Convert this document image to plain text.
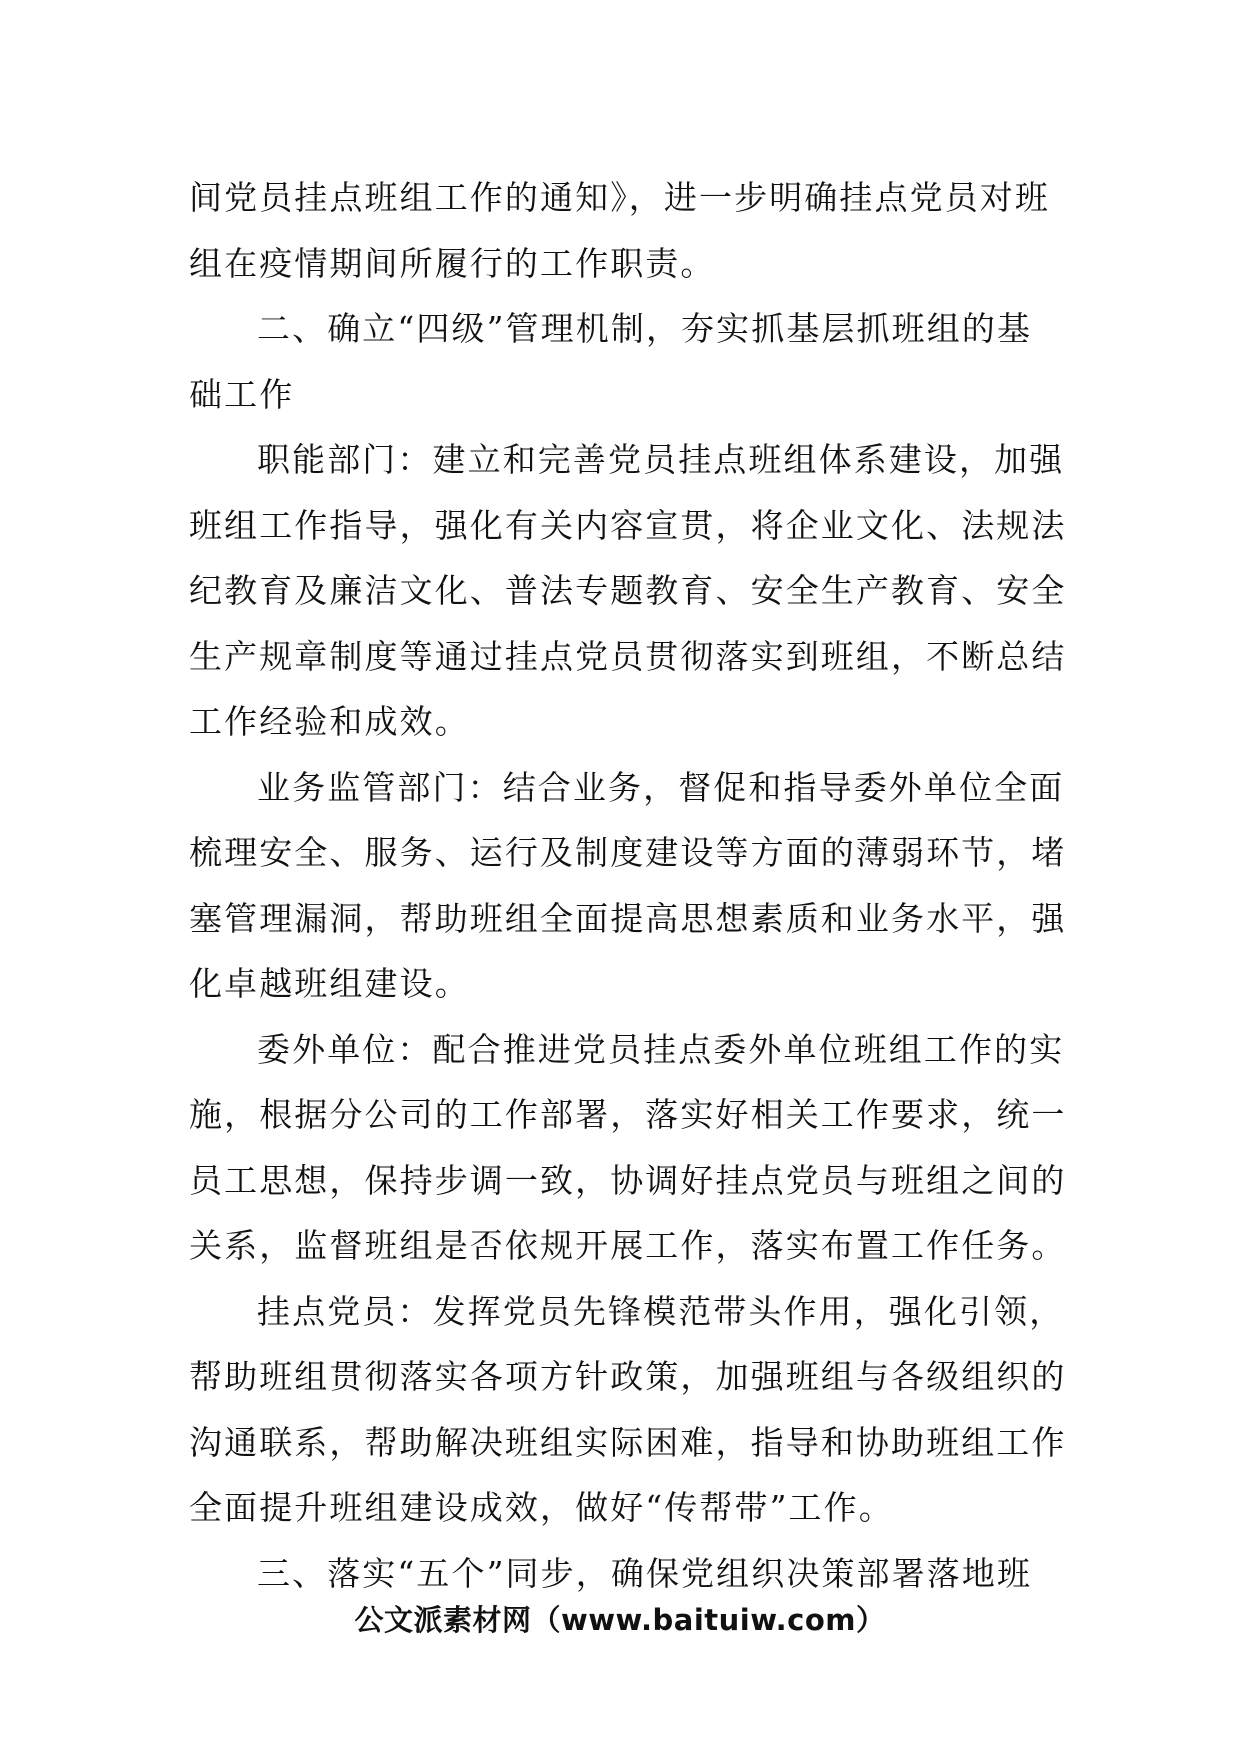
间党员挂点班组工作的通知》，进一步明确挂点党员对班
组在疫情期间所履行的工作职责。
二、确立“四级”管理机制，夯实抓基层抓班组的基
础工作
职能部门：建立和完善党员挂点班组体系建设，加强
班组工作指导，强化有关内容宣贯，将企业文化、法规法
纪教育及廉洁文化、普法专题教育、安全生产教育、安全
生产规章制度等通过挂点党员贯彻落实到班组，不断总结
工作经验和成效。
业务监管部门：结合业务，督促和指导委外单位全面
梳理安全、服务、运行及制度建设等方面的薄弱环节，堵
塞管理漏洞，帮助班组全面提高思想素质和业务水平，强
化卓越班组建设。
委外单位：配合推进党员挂点委外单位班组工作的实
施，根据分公司的工作部署，落实好相关工作要求，统一
员工思想，保持步调一致，协调好挂点党员与班组之间的
关系，监督班组是否依规开展工作，落实布置工作任务。
挂点党员：发挥党员先锋模范带头作用，强化引领，
帮助班组贯彻落实各项方针政策，加强班组与各级组织的
沟通联系，帮助解决班组实际困难，指导和协助班组工作
全面提升班组建设成效，做好“传帮带”工作。
三、落实“五个”同步，确保党组织决策部署落地班
公文派素材网（www.baituiw.com）
